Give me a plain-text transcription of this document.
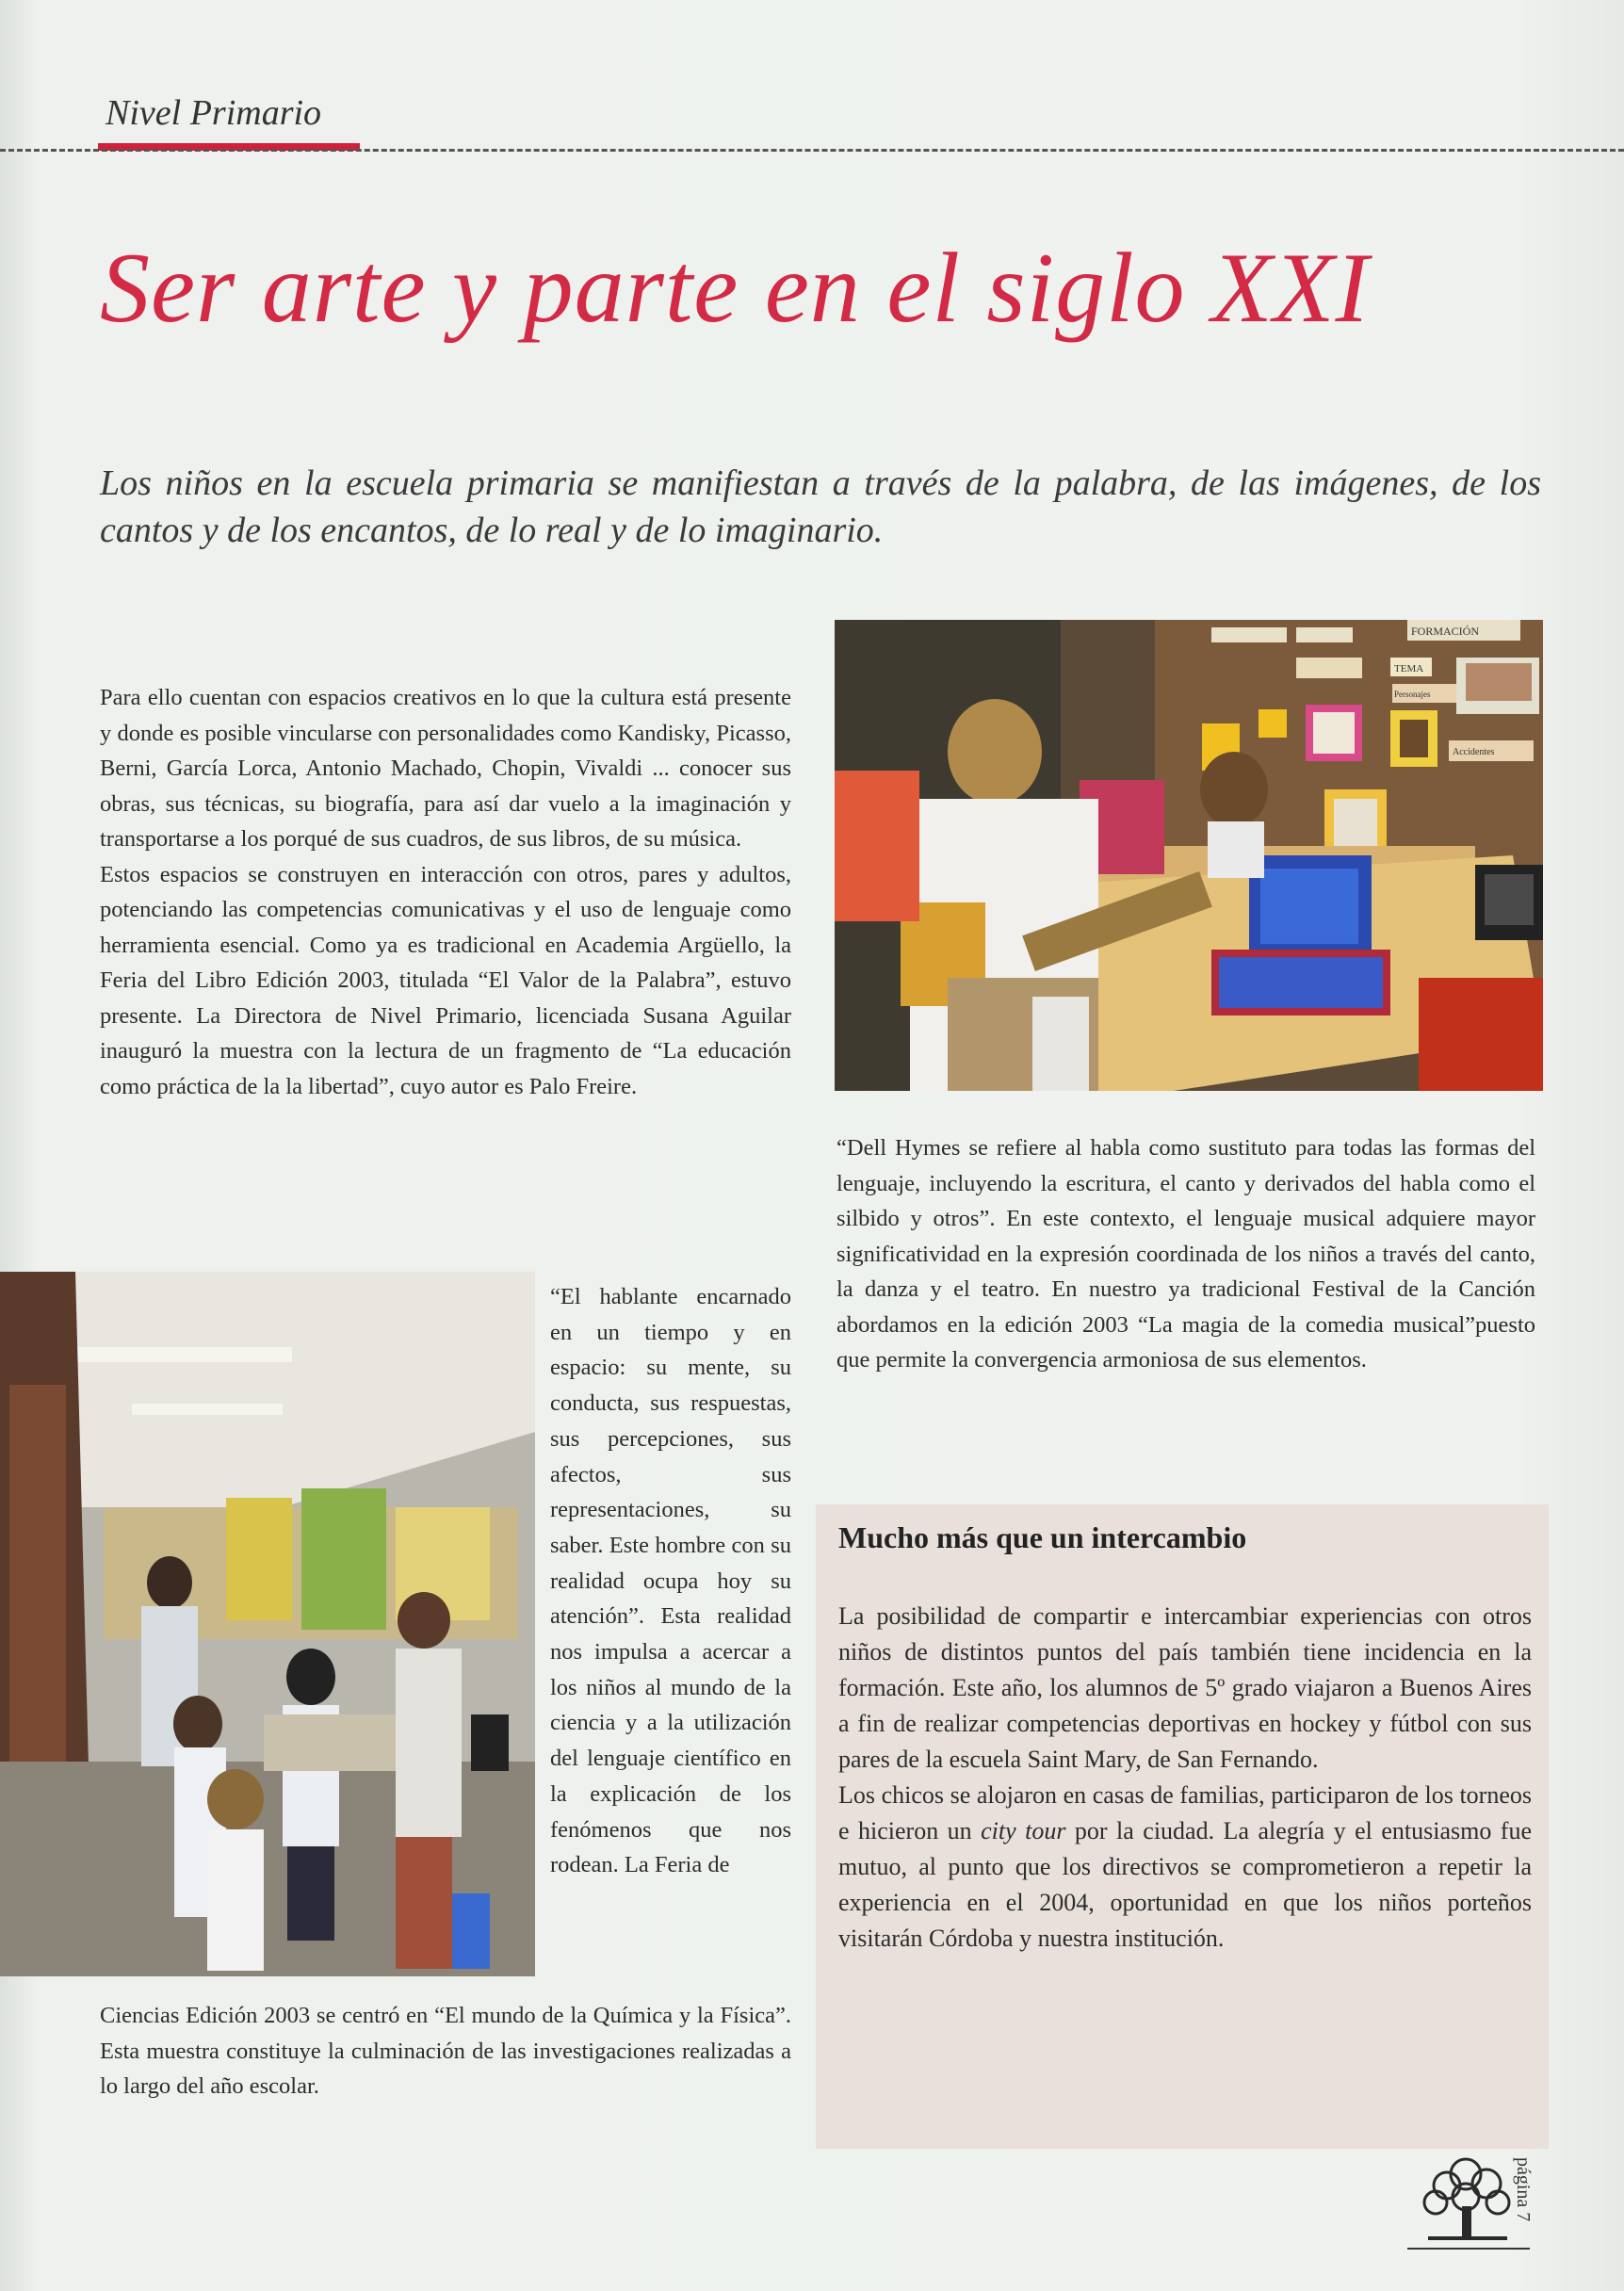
Nivel Primario
Ser arte y parte en el siglo XXI
Los niños en la escuela primaria se manifiestan a través de la palabra, de las imágenes, de los cantos y de los encantos, de lo real y de lo imaginario.

Para ello cuentan con espacios creativos en lo que la cultura está presente y donde es posible vincularse con personalidades como Kandisky, Picasso, Berni, García Lorca, Antonio Machado, Chopin, Vivaldi ... conocer sus obras, sus técnicas, su biografía, para así dar vuelo a la imaginación y transportarse a los porqué de sus cuadros, de sus libros, de su música.

Estos espacios se construyen en interacción con otros, pares y adultos, potenciando las competencias comunicativas y el uso de lenguaje como herramienta esencial. Como ya es tradicional en Academia Argüello, la Feria del Libro Edición 2003, titulada “El Valor de la Palabra”, estuvo presente. La Directora de Nivel Primario, licenciada Susana Aguilar inauguró la muestra con la lectura de un fragmento de “La educación como práctica de la la libertad”, cuyo autor es Palo Freire.

“El hablante encarnado en un tiempo y en espacio: su mente, su conducta, sus respuestas, sus percepciones, sus afectos, sus representaciones, su saber. Este hombre con su realidad ocupa hoy su atención”. Esta realidad nos impulsa a acercar a los niños al mundo de la ciencia y a la utilización del lenguaje científico en la explicación de los fenómenos que nos rodean. La Feria de
Ciencias Edición 2003 se centró en “El mundo de la Química y la Física”. Esta muestra constituye la culminación de las investigaciones realizadas a lo largo del año escolar.
FORMACIÓN
TEMA
Personajes
Accidentes
“Dell Hymes se refiere al habla como sustituto para todas las formas del lenguaje, incluyendo la escritura, el canto y derivados del habla como el silbido y otros”. En este contexto, el lenguaje musical adquiere mayor significatividad en la expresión coordinada de los niños a través del canto, la danza y el teatro. En nuestro ya tradicional Festival de la Canción abordamos en la edición 2003 “La magia de la comedia musical”puesto que permite la convergencia armoniosa de sus elementos.
Mucho más que un intercambio

La posibilidad de compartir e intercambiar experiencias con otros niños de distintos puntos del país también tiene incidencia en la formación. Este año, los alumnos de 5º grado viajaron a Buenos Aires a fin de realizar competencias deportivas en hockey y fútbol con sus pares de la escuela Saint Mary, de San Fernando.

Los chicos se alojaron en casas de familias, participaron de los torneos e hicieron un city tour por la ciudad. La alegría y el entusiasmo fue mutuo, al punto que los directivos se comprometieron a repetir la experiencia en el 2004, oportunidad en que los niños porteños visitarán Córdoba y nuestra institución.

página 7
